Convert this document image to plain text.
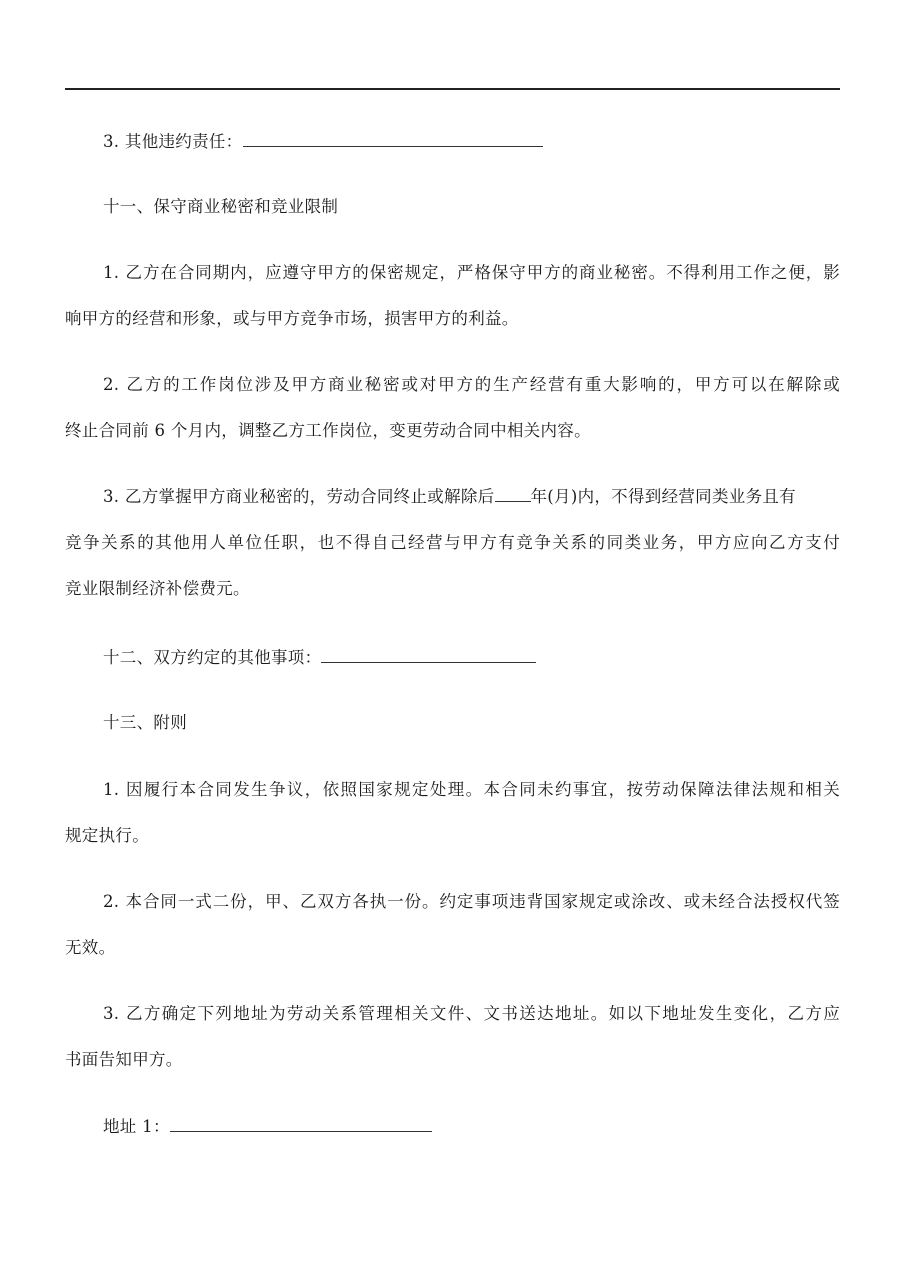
3. 其他违约责任：
十一、保守商业秘密和竞业限制
1. 乙方在合同期内，应遵守甲方的保密规定，严格保守甲方的商业秘密。不得利用工作之便，影
响甲方的经营和形象，或与甲方竞争市场，损害甲方的利益。
2. 乙方的工作岗位涉及甲方商业秘密或对甲方的生产经营有重大影响的，甲方可以在解除或
终止合同前 6 个月内，调整乙方工作岗位，变更劳动合同中相关内容。
3. 乙方掌握甲方商业秘密的，劳动合同终止或解除后 年(月)内，不得到经营同类业务且有
竞争关系的其他用人单位任职，也不得自己经营与甲方有竞争关系的同类业务，甲方应向乙方支付
竞业限制经济补偿费元。
十二、双方约定的其他事项：
十三、附则
1. 因履行本合同发生争议，依照国家规定处理。本合同未约事宜，按劳动保障法律法规和相关
规定执行。
2. 本合同一式二份，甲、乙双方各执一份。约定事项违背国家规定或涂改、或未经合法授权代签
无效。
3. 乙方确定下列地址为劳动关系管理相关文件、文书送达地址。如以下地址发生变化，乙方应
书面告知甲方。
地址 1：
